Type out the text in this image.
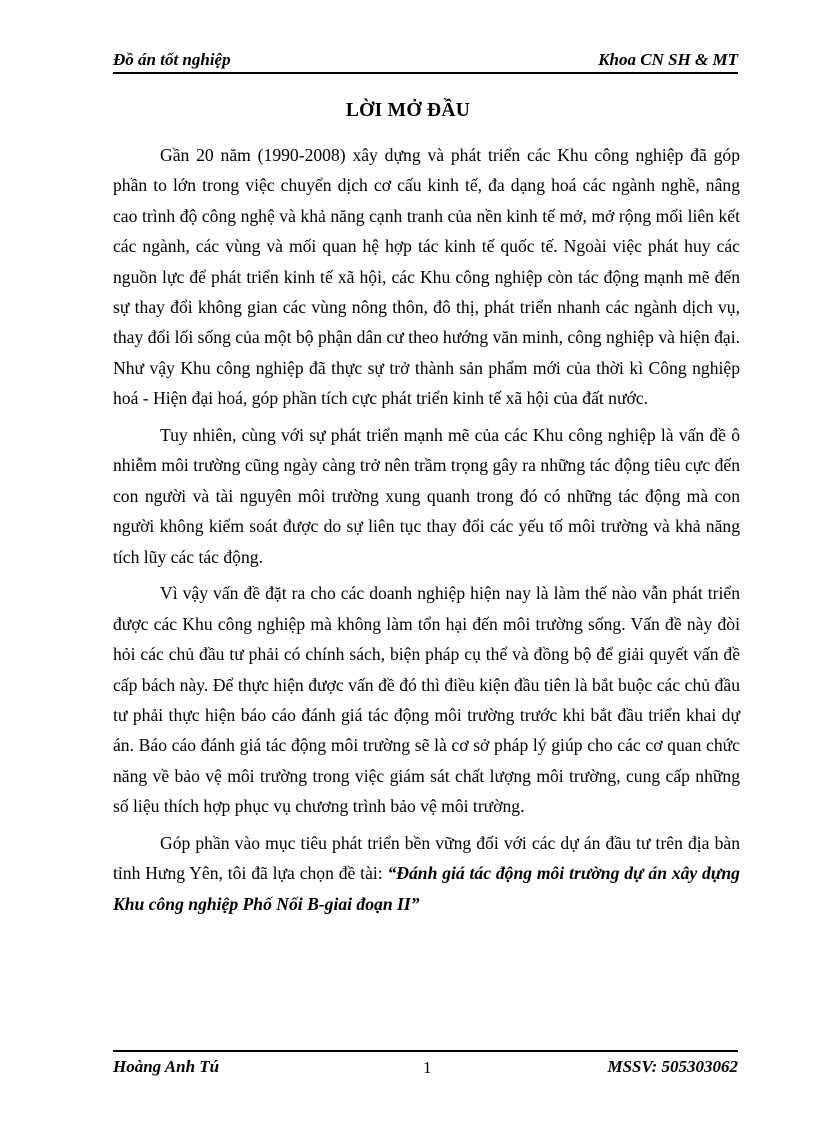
Đồ án tốt nghiệp	Khoa CN SH & MT
LỜI MỞ ĐẦU

Gần 20 năm (1990-2008) xây dựng và phát triển các Khu công nghiệp đã góp phần to lớn trong việc chuyển dịch cơ cấu kinh tế, đa dạng hoá các ngành nghề, nâng cao trình độ công nghệ và khả năng cạnh tranh của nền kinh tế mở, mở rộng mối liên kết các ngành, các vùng và mối quan hệ hợp tác kinh tế quốc tế. Ngoài việc phát huy các nguồn lực để phát triển kinh tế xã hội, các Khu công nghiệp còn tác động mạnh mẽ đến sự thay đổi không gian các vùng nông thôn, đô thị, phát triển nhanh các ngành dịch vụ, thay đổi lối sống của một bộ phận dân cư theo hướng văn minh, công nghiệp và hiện đại. Như vậy Khu công nghiệp đã thực sự trở thành sản phẩm mới của thời kì Công nghiệp hoá - Hiện đại hoá, góp phần tích cực phát triển kinh tế xã hội của đất nước.

Tuy nhiên, cùng với sự phát triển mạnh mẽ của các Khu công nghiệp là vấn đề ô nhiễm môi trường cũng ngày càng trở nên trầm trọng gây ra những tác động tiêu cực đến con người và tài nguyên môi trường xung quanh trong đó có những tác động mà con người không kiểm soát được do sự liên tục thay đổi các yếu tố môi trường và khả năng tích lũy các tác động.

Vì vậy vấn đề đặt ra cho các doanh nghiệp hiện nay là làm thế nào vẫn phát triển được các Khu công nghiệp mà không làm tổn hại đến môi trường sống. Vấn đề này đòi hỏi các chủ đầu tư phải có chính sách, biện pháp cụ thể và đồng bộ để giải quyết vấn đề cấp bách này. Để thực hiện được vấn đề đó thì điều kiện đầu tiên là bắt buộc các chủ đầu tư phải thực hiện báo cáo đánh giá tác động môi trường trước khi bắt đầu triển khai dự án. Báo cáo đánh giá tác động môi trường sẽ là cơ sở pháp lý giúp cho các cơ quan chức năng về bảo vệ môi trường trong việc giám sát chất lượng môi trường, cung cấp những số liệu thích hợp phục vụ chương trình bảo vệ môi trường.

Góp phần vào mục tiêu phát triển bền vững đối với các dự án đầu tư trên địa bàn tỉnh Hưng Yên, tôi đã lựa chọn đề tài: “Đánh giá tác động môi trường dự án xây dựng Khu công nghiệp Phố Nối B-giai đoạn II”

Hoàng Anh Tú	1	MSSV: 505303062
